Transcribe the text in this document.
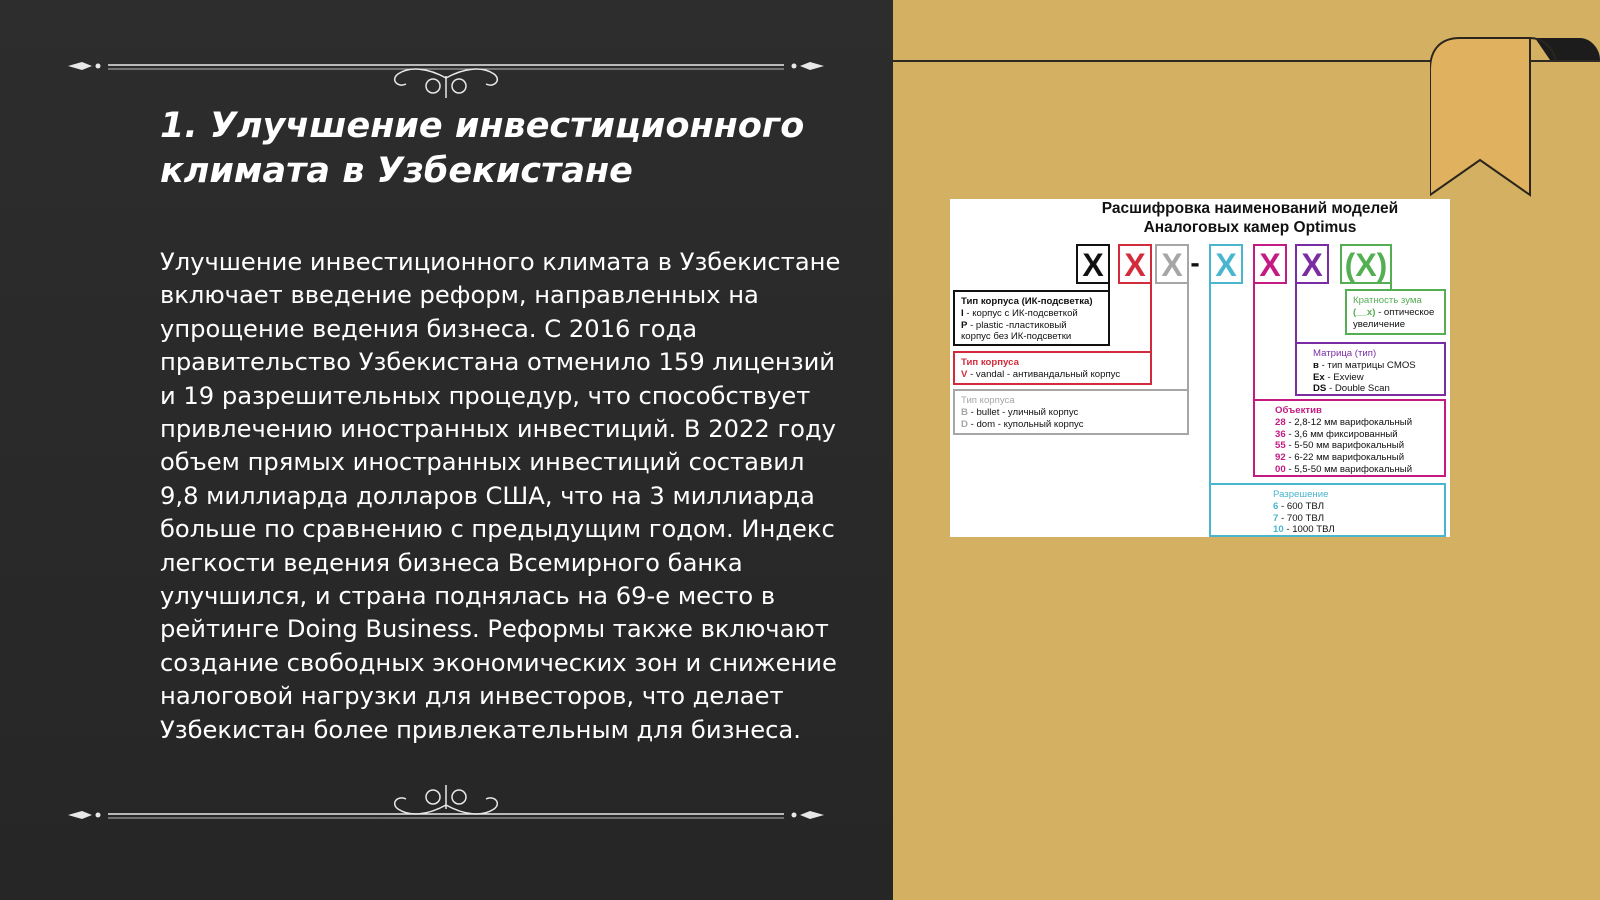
1. Улучшение инвестиционного климата в Узбекистане

Улучшение инвестиционного климата в Узбекистане включает введение реформ, направленных на упрощение ведения бизнеса. С 2016 года правительство Узбекистана отменило 159 лицензий и 19 разрешительных процедур, что способствует привлечению иностранных инвестиций. В 2022 году объем прямых иностранных инвестиций составил 9,8 миллиарда долларов США, что на 3 миллиарда больше по сравнению с предыдущим годом. Индекс легкости ведения бизнеса Всемирного банка улучшился, и страна поднялась на 69-е место в рейтинге Doing Business. Реформы также включают создание свободных экономических зон и снижение налоговой нагрузки для инвесторов, что делает Узбекистан более привлекательным для бизнеса.

Расшифровка наименований моделей
Аналоговых камер Optimus
X X X - X X X (X)
Тип корпуса (ИК-подсветка)
I - корпус с ИК-подсветкой
P - plastic -пластиковый
корпус без ИК-подсветки
Тип корпуса
V - vandal - антивандальный корпус
Тип корпуса
B - bullet - уличный корпус
D - dom - купольный корпус
Кратность зума
(__x) - оптическое
увеличение
Матрица (тип)
в - тип матрицы CMOS
Ex - Exview
DS - Double Scan
Объектив
28 - 2,8-12 мм варифокальный
36 - 3,6 мм фиксированный
55 - 5-50 мм варифокальный
92 - 6-22 мм варифокальный
00 - 5,5-50 мм варифокальный
Разрешение
6 - 600 ТВЛ
7 - 700 ТВЛ
10 - 1000 ТВЛ
